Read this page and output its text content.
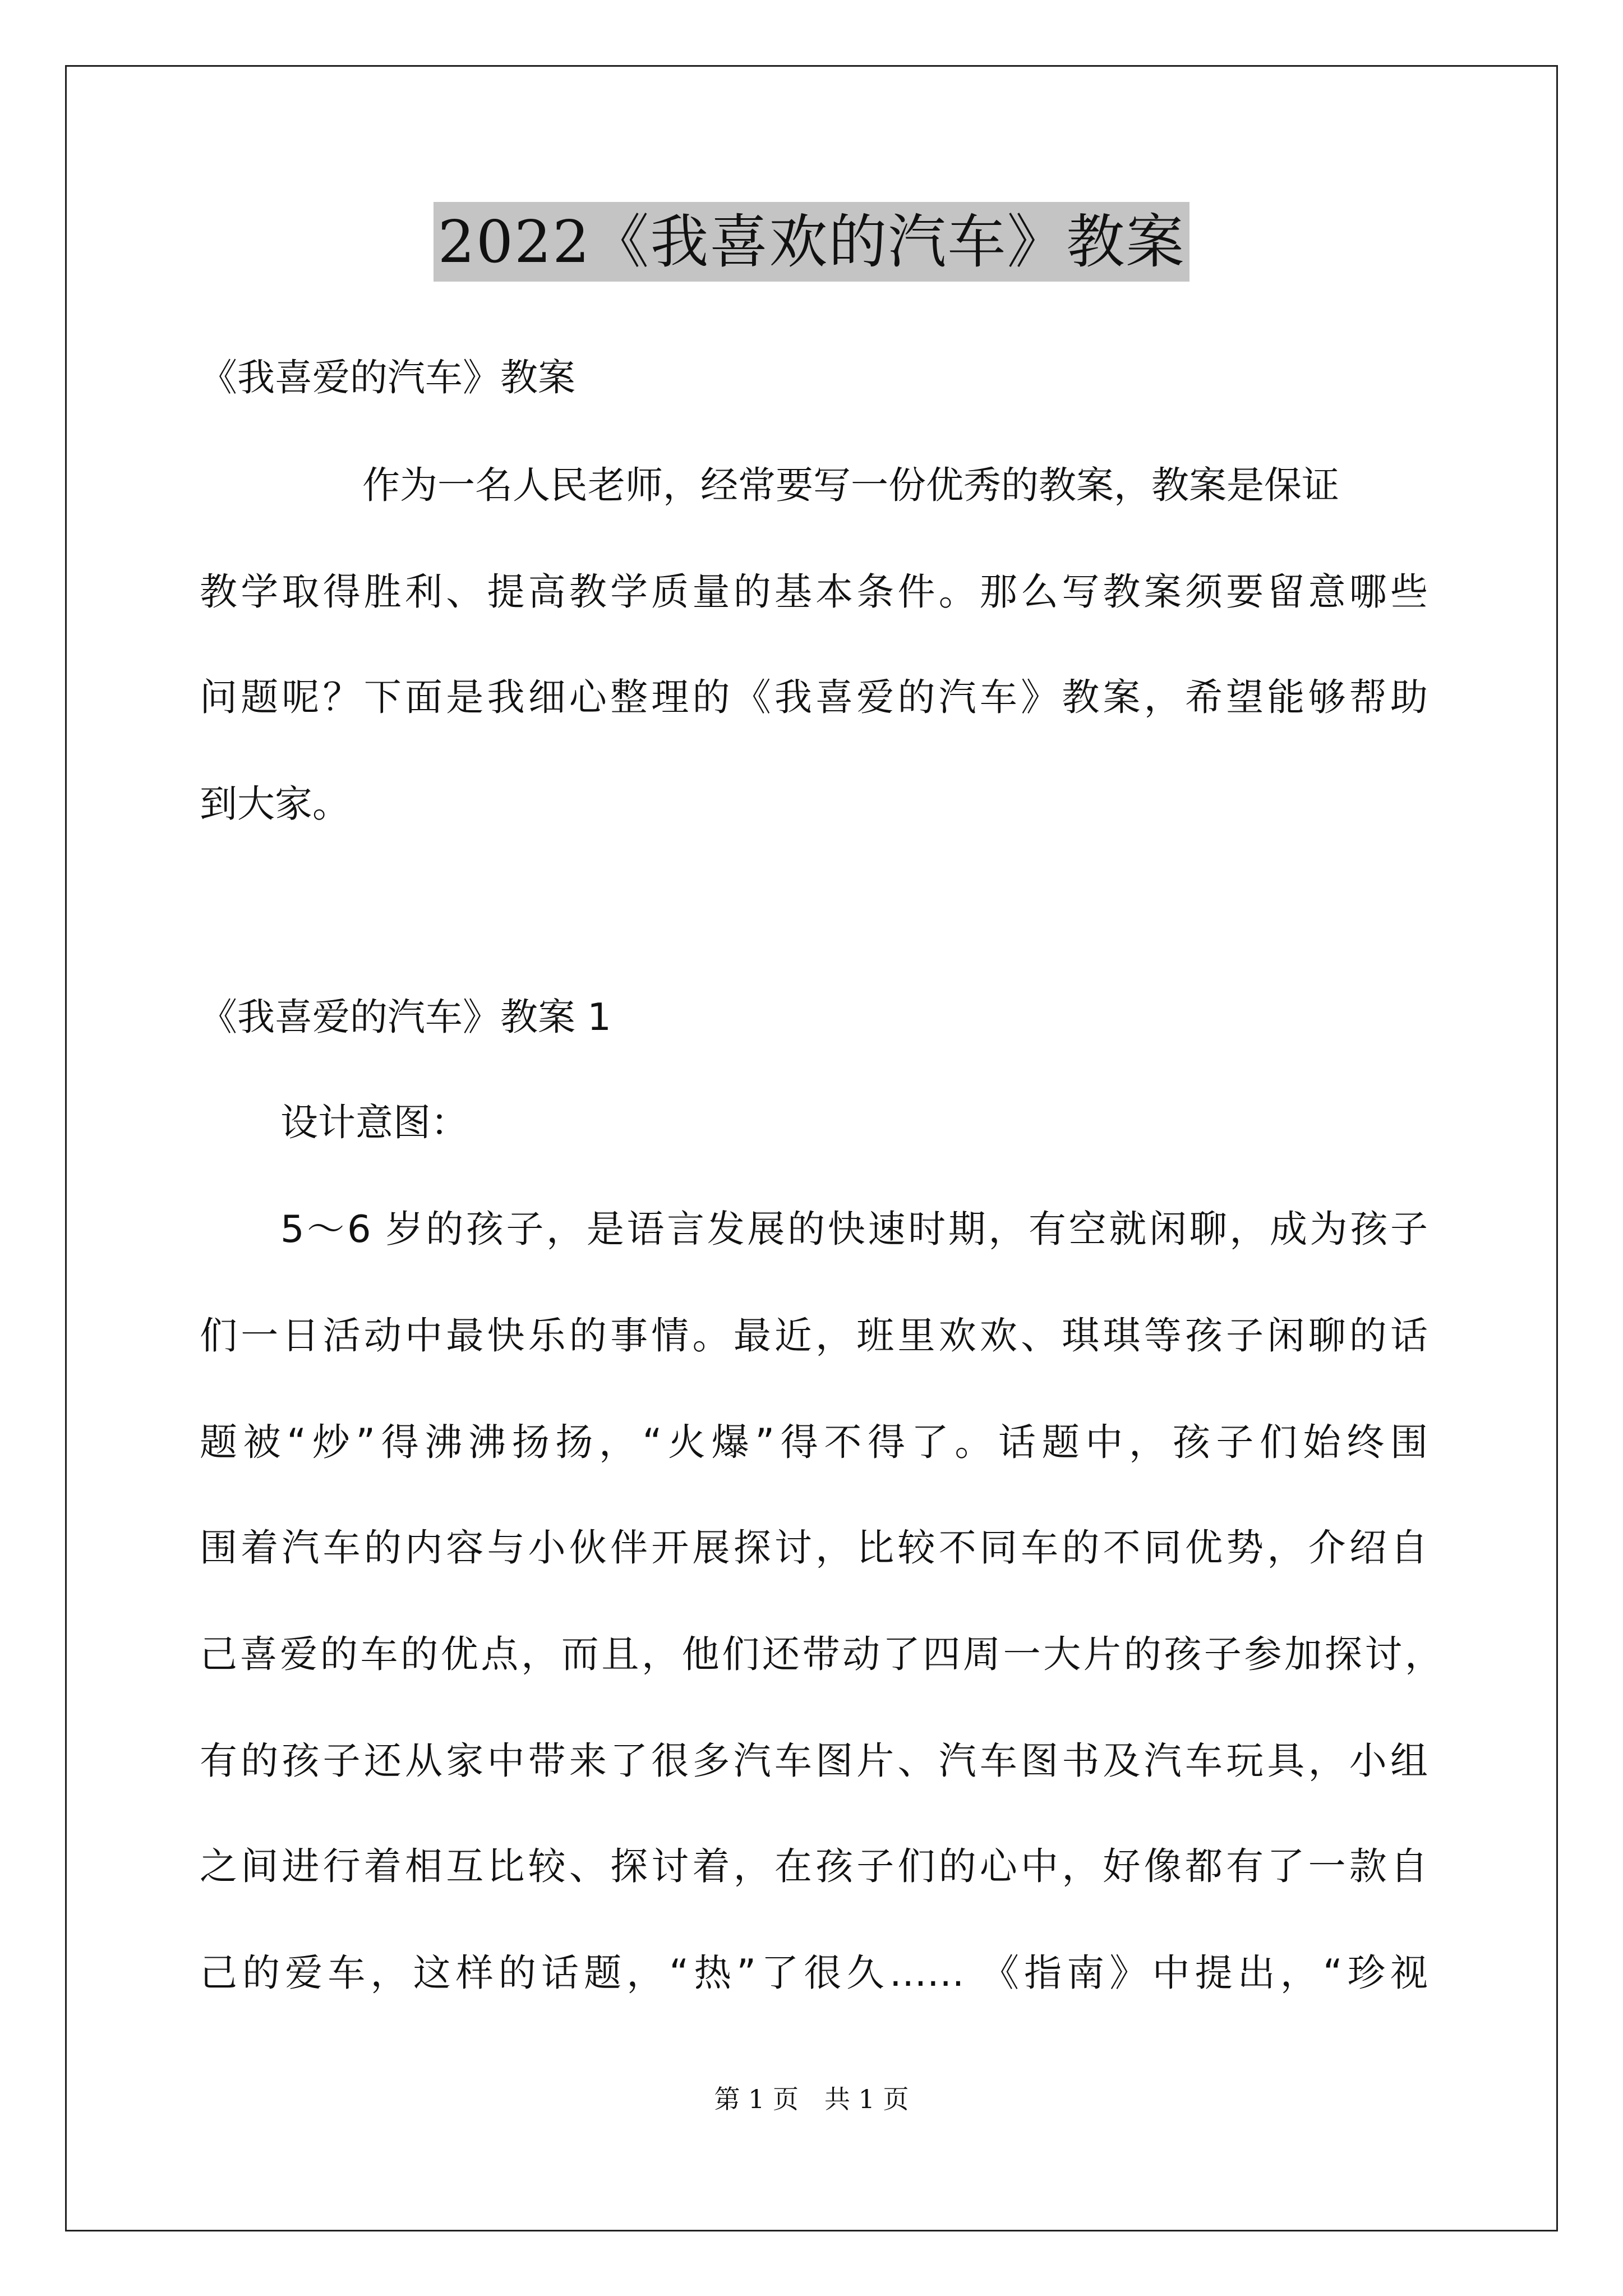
2022《我喜欢的汽车》教案
《我喜爱的汽车》教案
作为一名人民老师，经常要写一份优秀的教案，教案是保证
教学取得胜利、提高教学质量的基本条件。那么写教案须要留意哪些
问题呢？下面是我细心整理的《我喜爱的汽车》教案，希望能够帮助
到大家。
《我喜爱的汽车》教案 1
设计意图：
5～6 岁的孩子，是语言发展的快速时期，有空就闲聊，成为孩子
们一日活动中最快乐的事情。最近，班里欢欢、琪琪等孩子闲聊的话
题被“炒”得沸沸扬扬，“火爆”得不得了。话题中，孩子们始终围
围着汽车的内容与小伙伴开展探讨，比较不同车的不同优势，介绍自
己喜爱的车的优点，而且，他们还带动了四周一大片的孩子参加探讨，
有的孩子还从家中带来了很多汽车图片、汽车图书及汽车玩具，小组
之间进行着相互比较、探讨着，在孩子们的心中，好像都有了一款自
己的爱车，这样的话题，“热”了很久…… 《指南》中提出，“珍视
第 1 页　共 1 页
